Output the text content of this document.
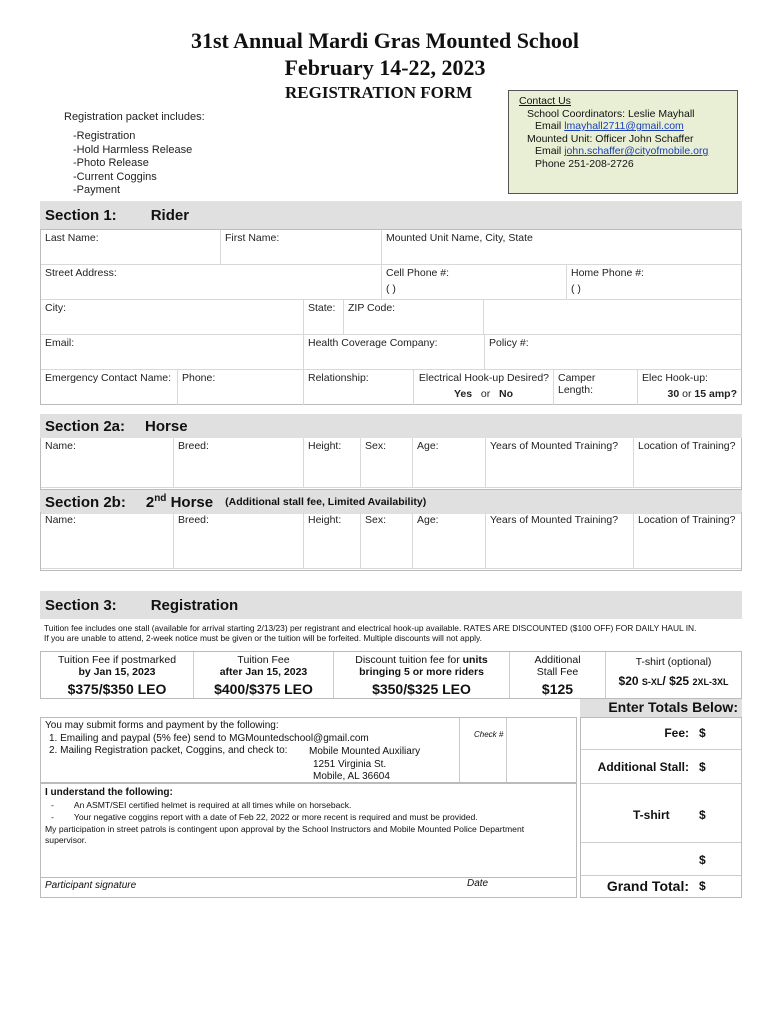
31st Annual Mardi Gras Mounted School
February 14-22, 2023
REGISTRATION FORM
Registration packet includes:
-Registration
-Hold Harmless Release
-Photo Release
-Current Coggins
-Payment
Contact Us
School Coordinators: Leslie Mayhall
Email lmayhall2711@gmail.com
Mounted Unit: Officer John Schaffer
Email john.schaffer@cityofmobile.org
Phone 251-208-2726
Section 1: Rider
Last Name:	First Name:	Mounted Unit Name, City, State
Street Address:	Cell Phone #:
( )
Home Phone #:
( )
City:	State:	ZIP Code:
Email:	Health Coverage Company:	Policy #:
Emergency Contact Name:	Phone:	Relationship:	Electrical Hook-up Desired?
Yes or No
Camper Length:
Elec Hook-up:
30 or 15 amp?
Section 2a: Horse
Name:	Breed:	Height:	Sex:	Age:	Years of Mounted Training?	Location of Training?
Section 2b: 2nd Horse (Additional stall fee, Limited Availability)
Name:	Breed:	Height:	Sex:	Age:	Years of Mounted Training?	Location of Training?
Section 3: Registration
Tuition fee includes one stall (available for arrival starting 2/13/23) per registrant and electrical hook-up available. RATES ARE DISCOUNTED ($100 OFF) FOR DAILY HAUL IN.
If you are unable to attend, 2-week notice must be given or the tuition will be forfeited. Multiple discounts will not apply.
Tuition Fee if postmarked
by Jan 15, 2023
$375/$350 LEO
Tuition Fee
after Jan 15, 2023
$400/$375 LEO
Discount tuition fee for units
bringing 5 or more riders
$350/$325 LEO
Additional
Stall Fee
$125
T-shirt (optional)
$20 S-XL/ $25 2XL-3XL
Enter Totals Below:
You may submit forms and payment by the following:
1. Emailing and paypal (5% fee) send to MGMountedschool@gmail.com
2. Mailing Registration packet, Coggins, and check to:	Mobile Mounted Auxiliary
1251 Virginia St.
Mobile, AL 36604
Check #
I understand the following:
- An ASMT/SEI certified helmet is required at all times while on horseback.
- Your negative coggins report with a date of Feb 22, 2022 or more recent is required and must be provided.
My participation in street patrols is contingent upon approval by the School Instructors and Mobile Mounted Police Department
supervisor.
Participant signature	Date
Fee: $
Additional Stall: $
T-shirt $
$
Grand Total: $
